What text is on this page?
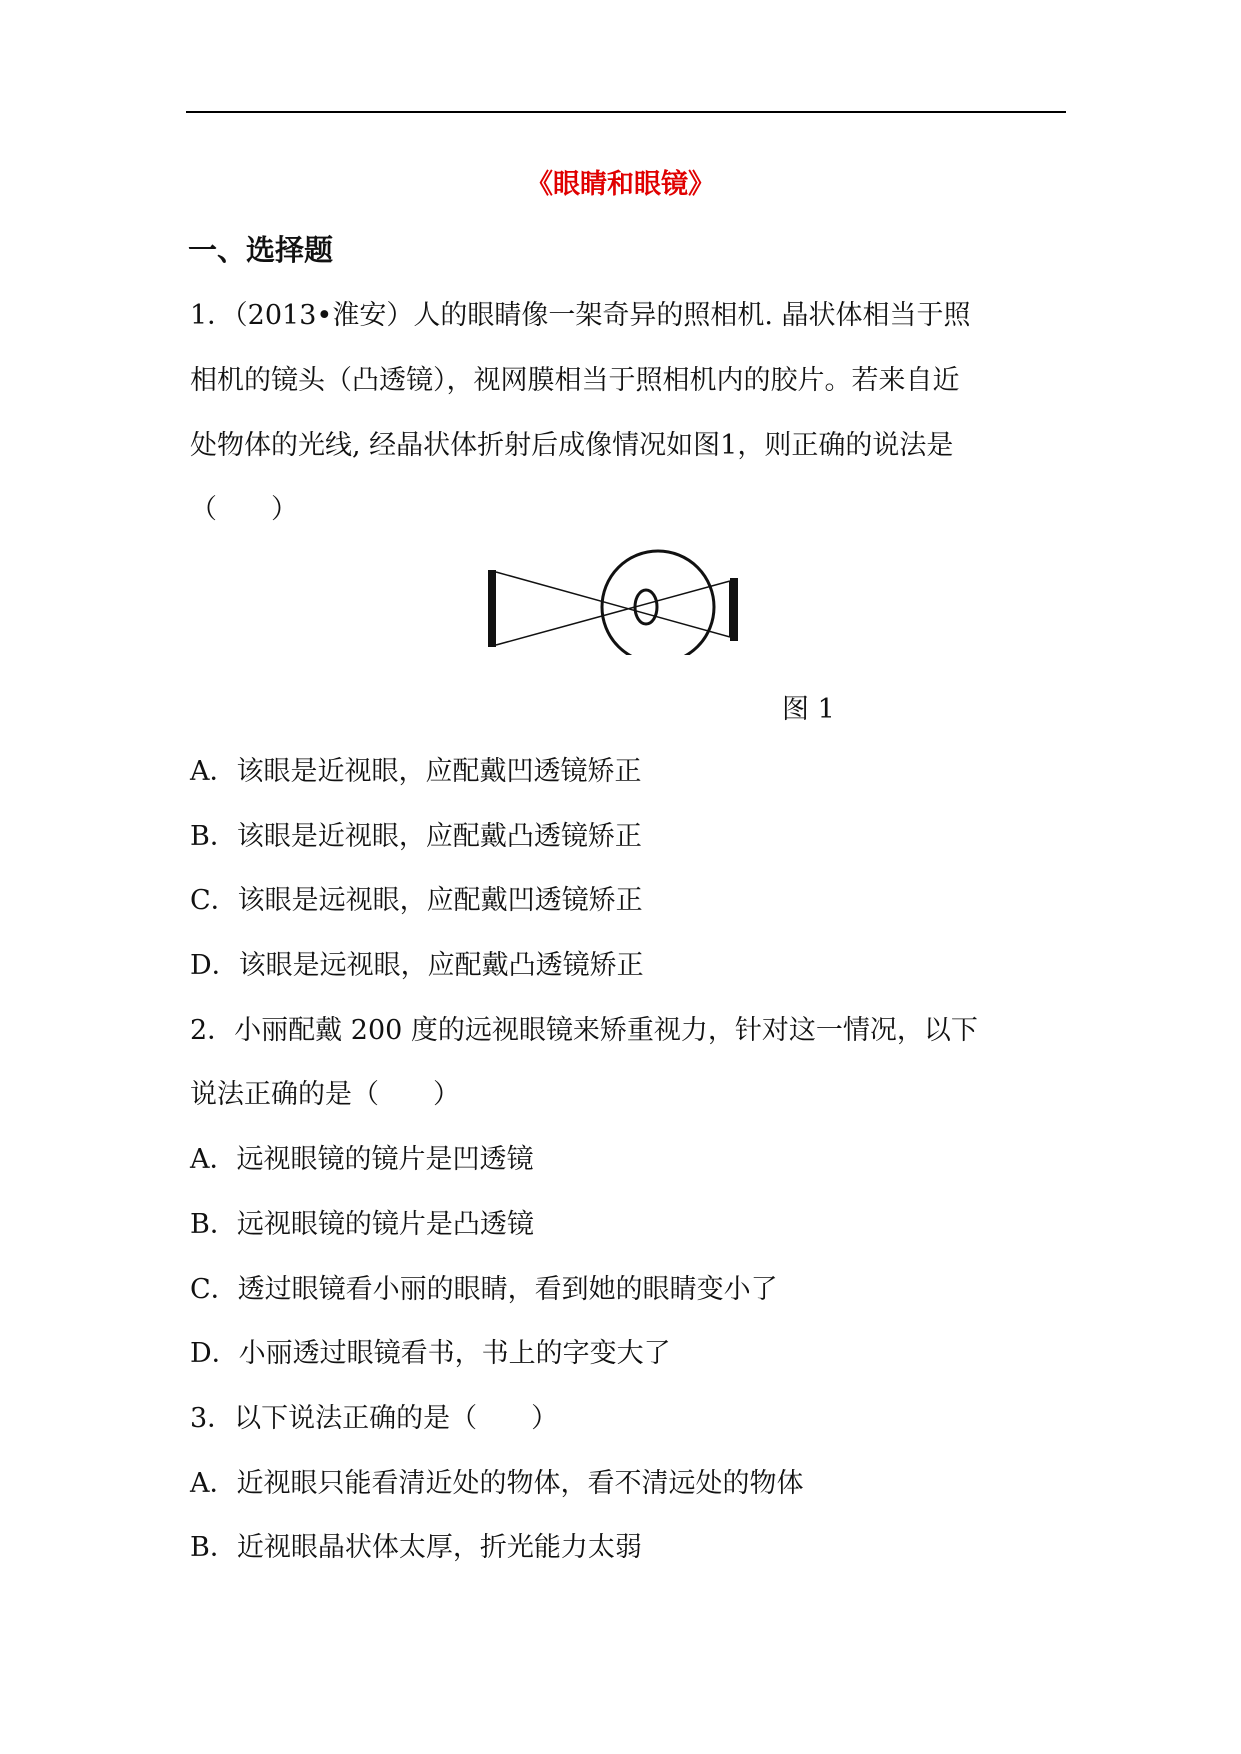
《眼睛和眼镜》
一、选择题
1．（2013•淮安）人的眼睛像一架奇异的照相机. 晶状体相当于照
相机的镜头（凸透镜），视网膜相当于照相机内的胶片。若来自近
处物体的光线, 经晶状体折射后成像情况如图1，则正确的说法是
（　　）
图 1
A．该眼是近视眼，应配戴凹透镜矫正
B．该眼是近视眼，应配戴凸透镜矫正
C．该眼是远视眼，应配戴凹透镜矫正
D．该眼是远视眼，应配戴凸透镜矫正
2．小丽配戴 200 度的远视眼镜来矫重视力，针对这一情况，以下
说法正确的是（　　）
A．远视眼镜的镜片是凹透镜
B．远视眼镜的镜片是凸透镜
C．透过眼镜看小丽的眼睛，看到她的眼睛变小了
D．小丽透过眼镜看书，书上的字变大了
3．以下说法正确的是（　　）
A．近视眼只能看清近处的物体，看不清远处的物体
B．近视眼晶状体太厚，折光能力太弱
